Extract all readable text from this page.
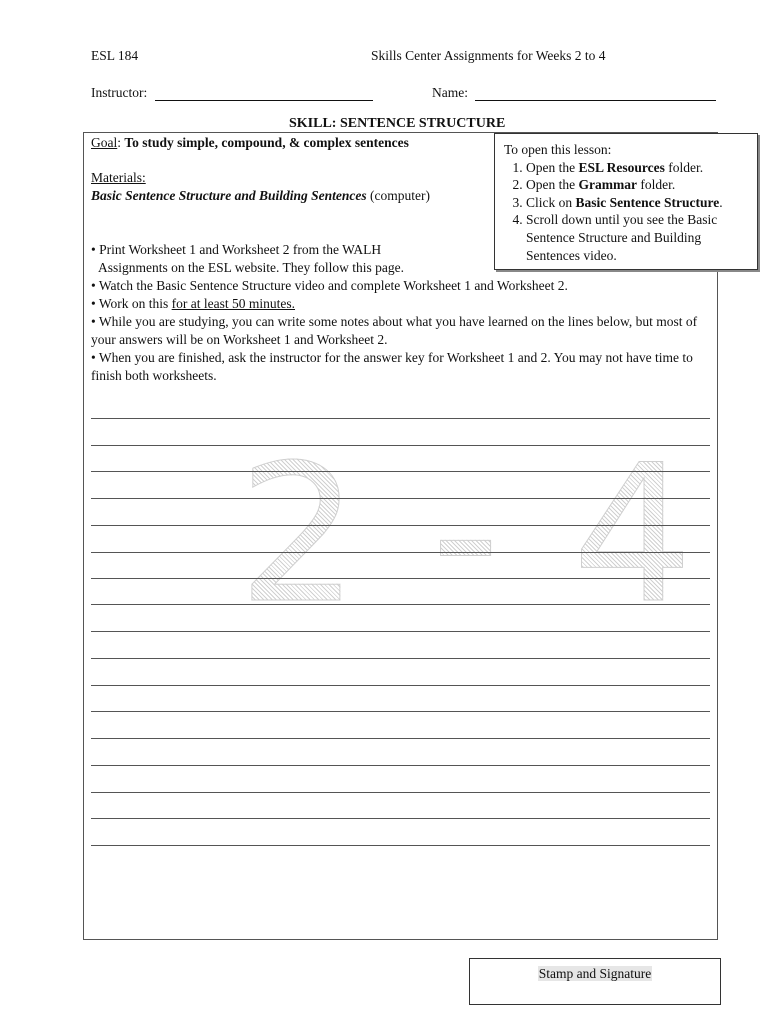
ESL 184	Skills Center Assignments for Weeks 2 to 4
Instructor:	Name:
SKILL: SENTENCE STRUCTURE
Goal: To study simple, compound, & complex sentences
Materials:
Basic Sentence Structure and Building Sentences (computer)
To open this lesson:
1. Open the ESL Resources folder.
2. Open the Grammar folder.
3. Click on Basic Sentence Structure.
4. Scroll down until you see the Basic Sentence Structure and Building Sentences video.

• Print Worksheet 1 and Worksheet 2 from the WALH

Assignments on the ESL website. They follow this page.

• Watch the Basic Sentence Structure video and complete Worksheet 1 and Worksheet 2.

• Work on this for at least 50 minutes.

• While you are studying, you can write some notes about what you have learned on the lines below, but most of your answers will be on Worksheet 1 and Worksheet 2.

• When you are finished, ask the instructor for the answer key for Worksheet 1 and 2. You may not have time to finish both worksheets.

2 - 4
Stamp and Signature
